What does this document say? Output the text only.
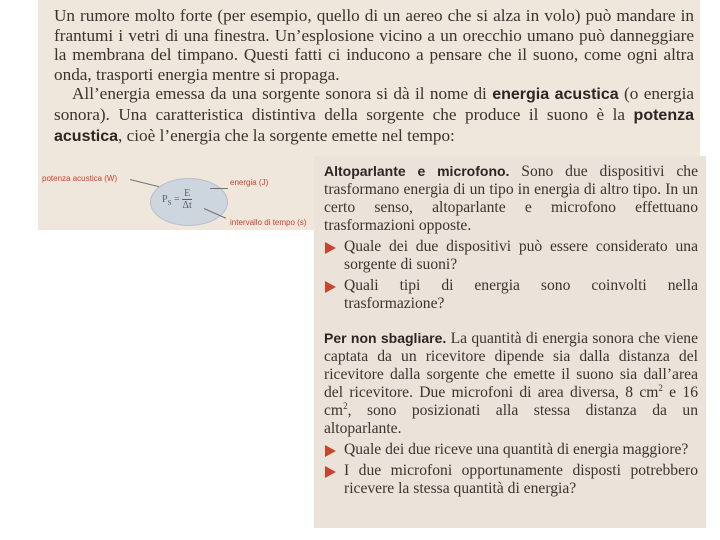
Un rumore molto forte (per esempio, quello di un aereo che si alza in volo) può mandare in frantumi i vetri di una finestra. Un’esplosione vicino a un orecchio umano può danneggiare la membrana del timpano. Questi fatti ci inducono a pensare che il suono, come ogni altra onda, trasporti energia mentre si propaga.

All’energia emessa da una sorgente sonora si dà il nome di energia acustica (o energia sonora). Una caratteristica distintiva della sorgente che produce il suono è la potenza acustica, cioè l’energia che la sorgente emette nel tempo:

potenza acustica (W)
$P_S = \frac{E}{\Delta t}$
energia (J)
intervallo di tempo (s)

Altoparlante e microfono. Sono due dispositivi che trasformano energia di un tipo in energia di altro tipo. In un certo senso, altoparlante e microfono effettuano trasformazioni opposte.

Quale dei due dispositivi può essere considerato una sorgente di suoni?

Quali tipi di energia sono coinvolti nella trasformazione?

Per non sbagliare. La quantità di energia sonora che viene captata da un ricevitore dipende sia dalla distanza del ricevitore dalla sorgente che emette il suono sia dall’area del ricevitore. Due microfoni di area diversa, 8 $cm^2$ e 16 $cm^2$, sono posizionati alla stessa distanza da un altoparlante.

Quale dei due riceve una quantità di energia maggiore?

I due microfoni opportunamente disposti potrebbero ricevere la stessa quantità di energia?
